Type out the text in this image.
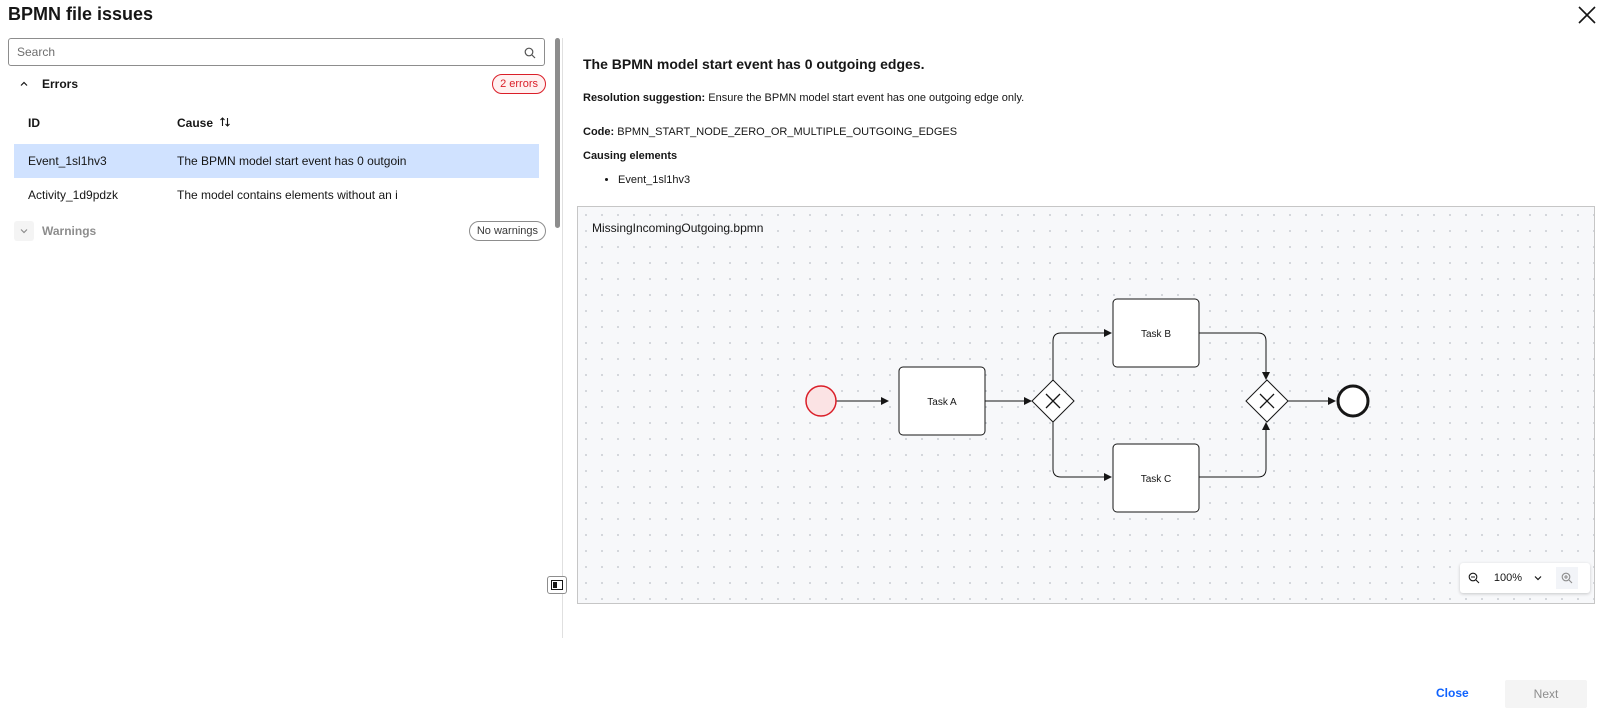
BPMN file issues
Search
Errors	2 errors
ID	Cause
Event_1sl1hv3	The BPMN model start event has 0 outgoin
Activity_1d9pdzk	The model contains elements without an i
Warnings	No warnings
The BPMN model start event has 0 outgoing edges.
Resolution suggestion: Ensure the BPMN model start event has one outgoing edge only.
Code: BPMN_START_NODE_ZERO_OR_MULTIPLE_OUTGOING_EDGES
Causing elements
• Event_1sl1hv3
MissingIncomingOutgoing.bpmn
Task A
Task B
Task C
100%
Close	Next
